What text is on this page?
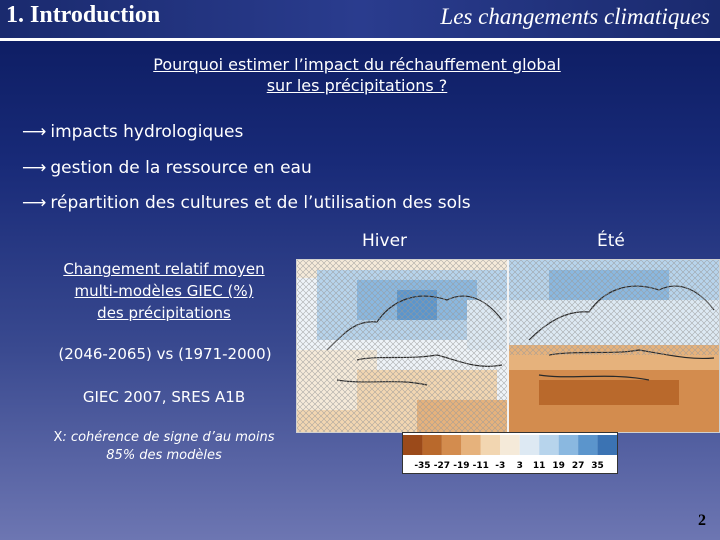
1. Introduction	Les changements climatiques
Pourquoi estimer l’impact du réchauffement global
sur les précipitations ?
⟶ impacts hydrologiques
⟶ gestion de la ressource en eau
⟶ répartition des cultures et de l’utilisation des sols
Hiver	Été
Changement relatif moyen
multi-modèles GIEC (%)
des précipitations
(2046-2065) vs (1971-2000)
GIEC 2007, SRES A1B
X: cohérence de signe d’au moins
85% des modèles
-35 -27 -19 -11 -3 3 11 19 27 35
2
